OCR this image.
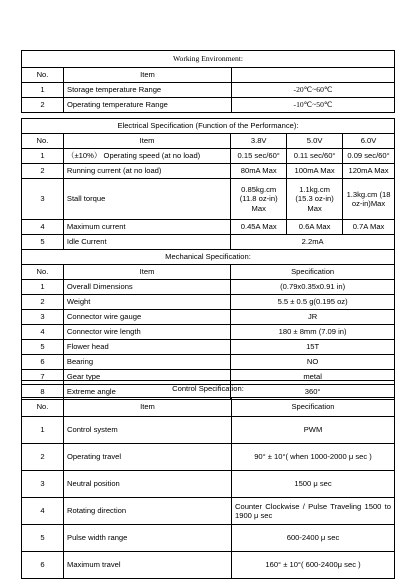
Working Environment:		
No.	Item	
1	Storage temperature Range	-20℃~60℃
2	Operating temperature Range	-10℃~50℃
Electrical Specification (Function of the Performance):				
No.	Item	3.8V	5.0V	6.0V
1	（±10%） Operating speed (at no load)	0.15 sec/60°	0.11 sec/60°	0.09 sec/60°
2	Running current (at no load)	80mA Max	100mA Max	120mA Max
3	Stall torque	0.85kg.cm (11.8 oz-in) Max	1.1kg.cm (15.3 oz-in) Max	1.3kg.cm (18 oz-in)Max
4	Maximum current	0.45A Max	0.6A Max	0.7A Max
5	Idle Current	2.2mA		
Mechanical Specification:				
No.	Item	Specification		
1	Overall Dimensions	(0.79x0.35x0.91 in)		
2	Weight	5.5 ± 0.5 g(0.195 oz)		
3	Connector wire gauge	JR		
4	Connector wire length	180 ± 8mm (7.09 in)		
5	Flower head	15T		
6	Bearing	NO		
7	Gear type	metal		
8	Extreme angle	360°		
Control Specification:		
No.	Item	Specification
1	Control system	PWM
2	Operating travel	90° ± 10°( when 1000-2000 μ sec )
3	Neutral position	1500 μ sec
4	Rotating direction	Counter Clockwise / Pulse Traveling 1500 to 1900 μ sec
5	Pulse width range	600-2400 μ sec
6	Maximum travel	160° ± 10°( 600-2400μ sec )
